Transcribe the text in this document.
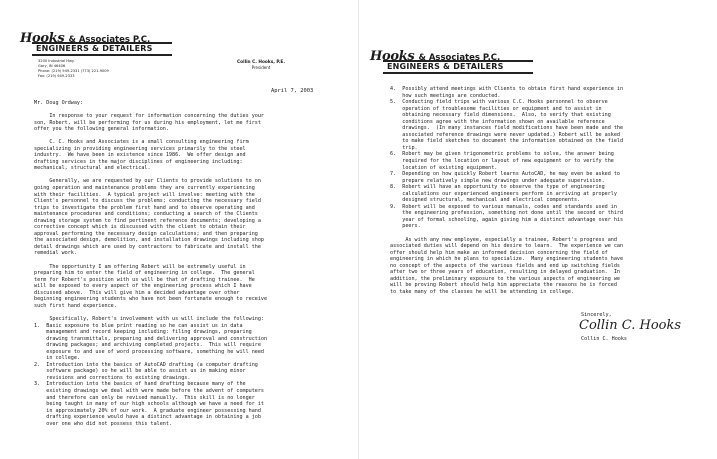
Hooks & Associates P.C.
ENGINEERS & DETAILERS
3200 Industrial Hwy.
Gary, IN 46406
Phone: (219) 949-2331 (773) 221-9009
Fax: (219) 949-2333
Collin C. Hooks, P.E.
President
April 7, 2003
Mr. Doug Ordway:
In response to your request for information concerning the duties your
son, Robert, will be performing for us during his employment, let me first
offer you the following general information.

C. C. Hooks and Associates is a small consulting engineering firm
specializing in providing engineering services primarily to the steel
industry.  We have been in existence since 1986.  We offer design and
drafting services in the major disciplines of engineering including:
mechanical, structural and electrical.

Generally, we are requested by our Clients to provide solutions to on
going operation and maintenance problems they are currently experiencing
with their facilities.  A typical project will involve: meeting with the
Client's personnel to discuss the problems; conducting the necessary field
trips to investigate the problem first hand and to observe operating and
maintenance procedures and conditions; conducting a search of the Clients
drawing storage system to find pertinent reference documents; developing a
corrective concept which is discussed with the client to obtain their
approval performing the necessary design calculations; and then preparing
the associated design, demolition, and installation drawings including shop
detail drawings which are used by contractors to fabricate and install the
remedial work.

The opportunity I am offering Robert will be extremely useful in
preparing him to enter the field of engineering in college.  The general
term for Robert's position with us will be that of drafting trainee.  He
will be exposed to every aspect of the engineering process which I have
discussed above.  This will give him a decided advantage over other
beginning engineering students who have not been fortunate enough to receive
such first hand experience.

Specifically, Robert's involvement with us will include the following:
1.  Basic exposure to blue print reading so he can assist us in data
management and record keeping including: filing drawings, preparing
drawing transmittals, preparing and delivering approval and construction
drawing packages; and archiving completed projects.  This will require
exposure to and use of word processing software, something he will need
in college.
2.  Introduction into the basics of AutoCAD drafting (a computer drafting
software package) so he will be able to assist us in making minor
revisions and corrections to existing drawings.
3.  Introduction into the basics of hand drafting because many of the
existing drawings we deal with were made before the advent of computers
and therefore can only be revised manually.  This skill is no longer
being taught in many of our high schools although we have a need for it
in approximately 20% of our work.  A graduate engineer possessing hand
drafting experience would have a distinct advantage in obtaining a job
over one who did not possess this talent.
Hooks & Associates P.C.
ENGINEERS & DETAILERS
4.  Possibly attend meetings with Clients to obtain first hand experience in
how such meetings are conducted.
5.  Conducting field trips with various C.C. Hooks personnel to observe
operation of troublesome facilities or equipment and to assist in
obtaining necessary field dimensions.  Also, to verify that existing
conditions agree with the information shown on available reference
drawings.  (In many instances field modifications have been made and the
associated reference drawings were never updated.) Robert will be asked
to make field sketches to document the information obtained on the field
trip.
6.  Robert may be given trigonometric problems to solve, the answer being
required for the location or layout of new equipment or to verify the
location of existing equipment.
7.  Depending on how quickly Robert learns AutoCAD, he may even be asked to
prepare relatively simple new drawings under adequate supervision.
8.  Robert will have an opportunity to observe the type of engineering
calculations our experienced engineers perform in arriving at properly
designed structural, mechanical and electrical components.
9.  Robert will be exposed to various manuals, codes and standards used in
the engineering profession, something not done until the second or third
year of formal schooling, again giving him a distinct advantage over his
peers.

As with any new employee, especially a trainee, Robert's progress and
associated duties will depend on his desire to learn.  The experience we can
offer should help him make an informed decision concerning the field of
engineering in which he plans to specialize.  Many engineering students have
no concept of the aspects of the various fields and end up switching fields
after two or three years of education, resulting in delayed graduation.  In
addition, the preliminary exposure to the various aspects of engineering we
will be proving Robert should help him appreciate the reasons he is forced
to take many of the classes he will be attending in college.
Sincerely,
Collin C. Hooks
Collin C. Hooks
